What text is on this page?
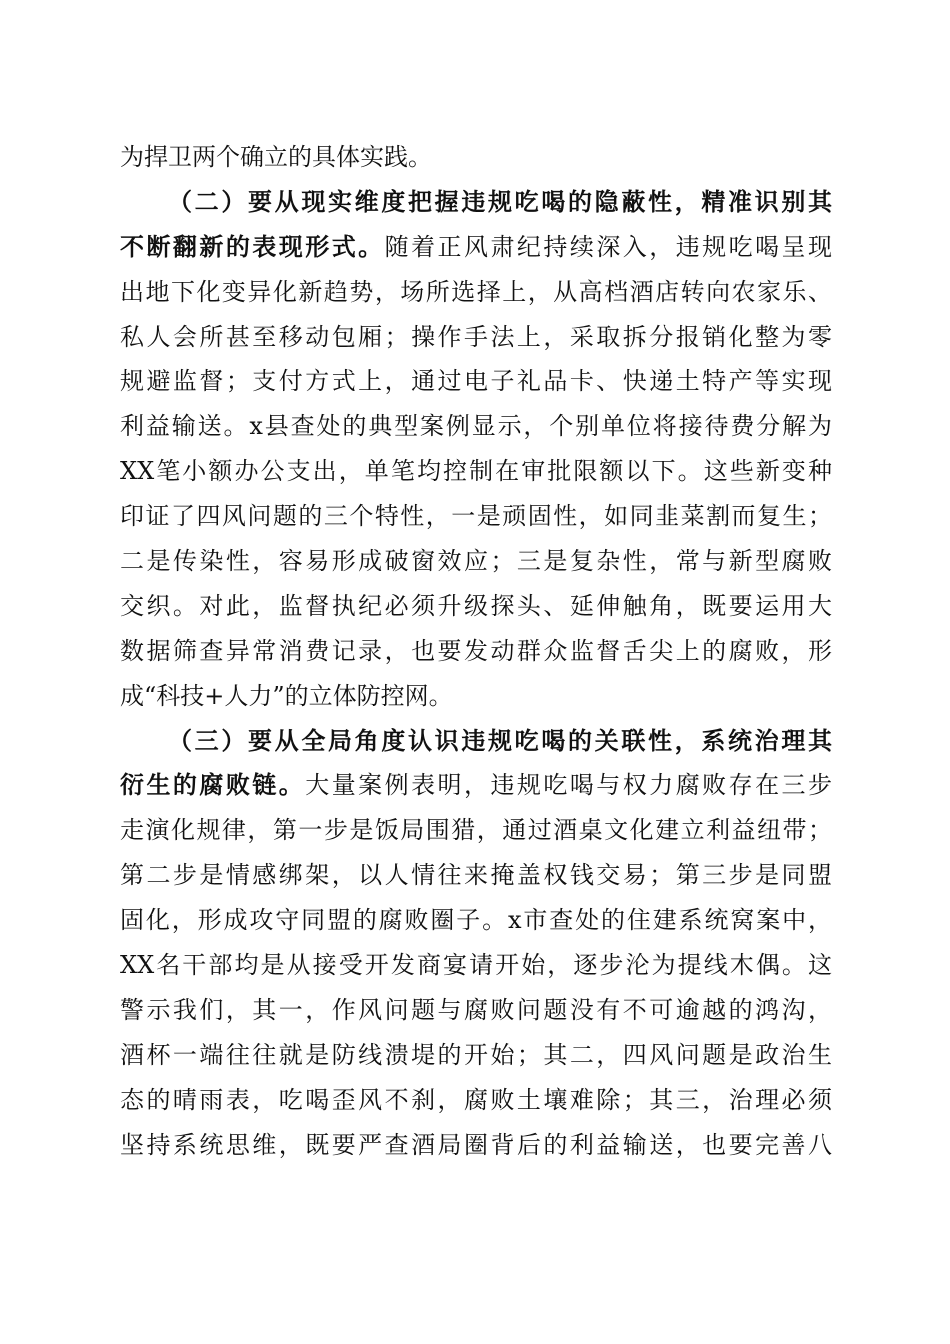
为捍卫两个确立的具体实践。
（二）要从现实维度把握违规吃喝的隐蔽性，精准识别其
不断翻新的表现形式。随着正风肃纪持续深入，违规吃喝呈现
出地下化变异化新趋势，场所选择上，从高档酒店转向农家乐、
私人会所甚至移动包厢；操作手法上，采取拆分报销化整为零
规避监督；支付方式上，通过电子礼品卡、快递土特产等实现
利益输送。x县查处的典型案例显示，个别单位将接待费分解为
XX笔小额办公支出，单笔均控制在审批限额以下。这些新变种
印证了四风问题的三个特性，一是顽固性，如同韭菜割而复生；
二是传染性，容易形成破窗效应；三是复杂性，常与新型腐败
交织。对此，监督执纪必须升级探头、延伸触角，既要运用大
数据筛查异常消费记录，也要发动群众监督舌尖上的腐败，形
成“科技+人力”的立体防控网。
（三）要从全局角度认识违规吃喝的关联性，系统治理其
衍生的腐败链。大量案例表明，违规吃喝与权力腐败存在三步
走演化规律，第一步是饭局围猎，通过酒桌文化建立利益纽带；
第二步是情感绑架，以人情往来掩盖权钱交易；第三步是同盟
固化，形成攻守同盟的腐败圈子。x市查处的住建系统窝案中，
XX名干部均是从接受开发商宴请开始，逐步沦为提线木偶。这
警示我们，其一，作风问题与腐败问题没有不可逾越的鸿沟，
酒杯一端往往就是防线溃堤的开始；其二，四风问题是政治生
态的晴雨表，吃喝歪风不刹，腐败土壤难除；其三，治理必须
坚持系统思维，既要严查酒局圈背后的利益输送，也要完善八
